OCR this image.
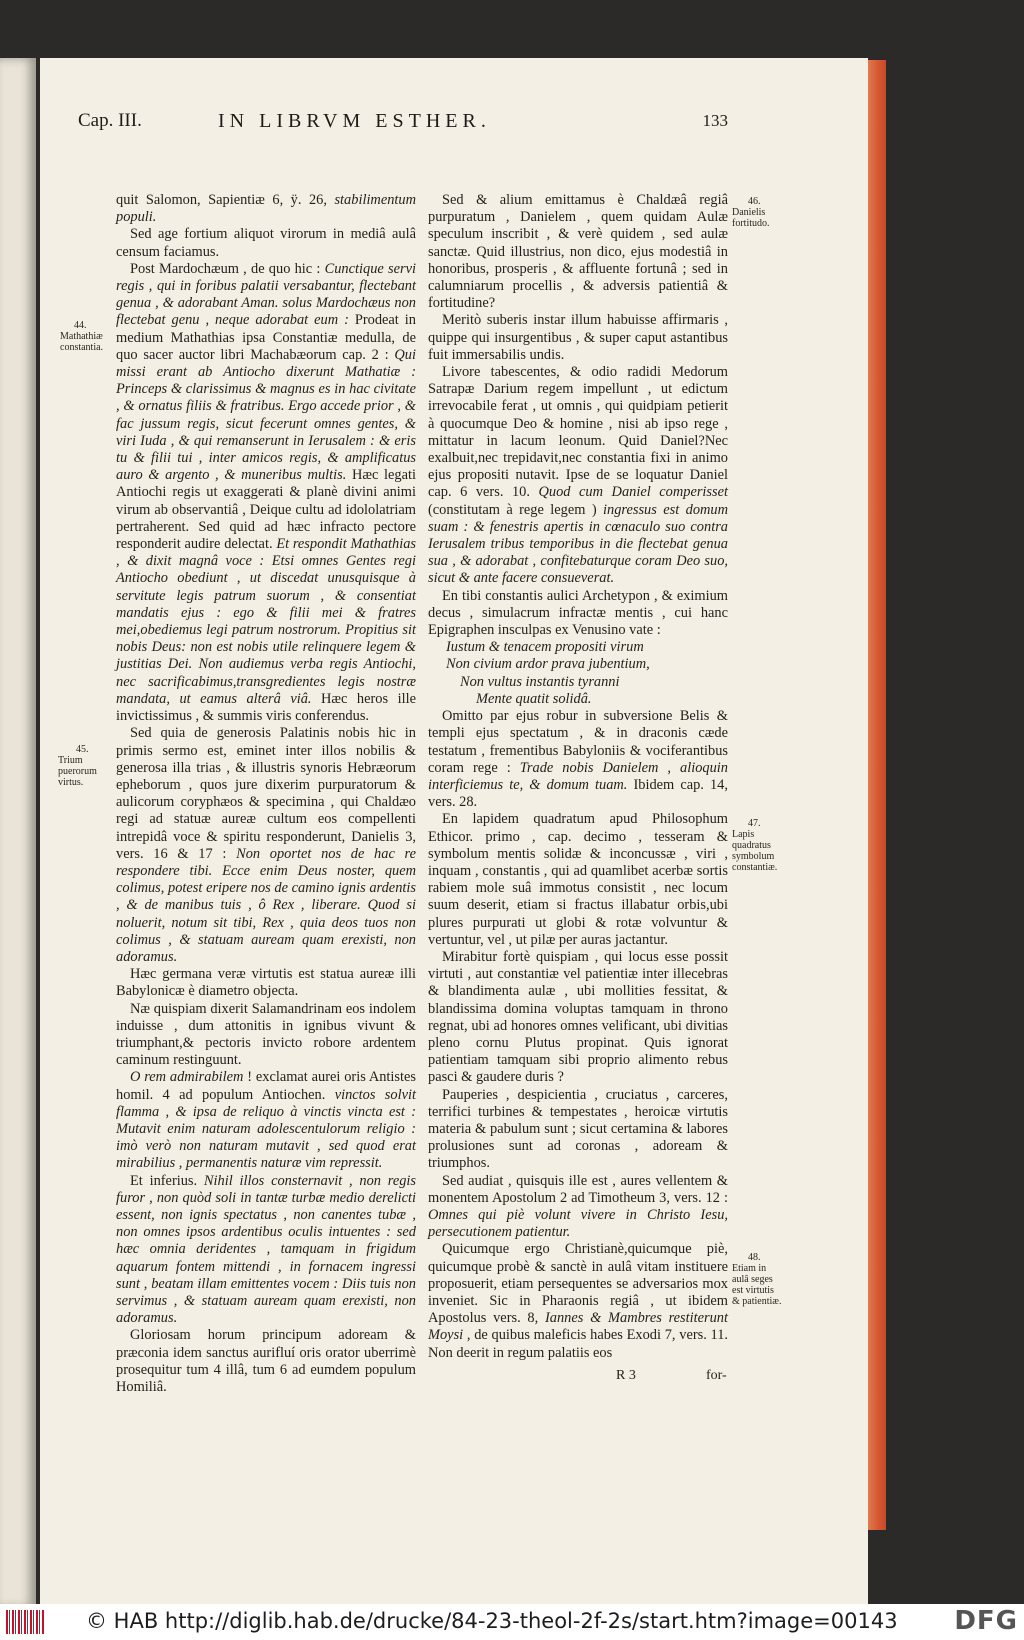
Cap. III.	IN LIBRVM ESTHER.	133

quit Salomon, Sapientiæ 6, ÿ. 26, stabilimentum populi.

Sed age fortium aliquot virorum in mediâ aulâ censum faciamus.

Post Mardochæum , de quo hic : Cunctique servi regis , qui in foribus palatii versabantur, flectebant genua , & adorabant Aman. solus Mardochæus non flectebat genu , neque adorabat eum : Prodeat in medium Mathathias ipsa Constantiæ medulla, de quo sacer auctor libri Machabæorum cap. 2 : Qui missi erant ab Antiocho dixerunt Mathatiæ : Princeps & clarissimus & magnus es in hac civitate , & ornatus filiis & fratribus. Ergo accede prior , & fac jussum regis, sicut fecerunt omnes gentes, & viri Iuda , & qui remanserunt in Ierusalem : & eris tu & filii tui , inter amicos regis, & amplificatus auro & argento , & muneribus multis. Hæc legati Antiochi regis ut exaggerati & planè divini animi virum ab observantiâ , Deique cultu ad idololatriam pertraherent. Sed quid ad hæc infracto pectore responderit audire delectat. Et respondit Mathathias , & dixit magnâ voce : Etsi omnes Gentes regi Antiocho obediunt , ut discedat unusquisque à servitute legis patrum suorum , & consentiat mandatis ejus : ego & filii mei & fratres mei,obediemus legi patrum nostrorum. Propitius sit nobis Deus: non est nobis utile relinquere legem & justitias Dei. Non audiemus verba regis Antiochi, nec sacrificabimus,transgredientes legis nostræ mandata, ut eamus alterâ viâ. Hæc heros ille invictissimus , & summis viris conferendus.

Sed quia de generosis Palatinis nobis hic in primis sermo est, eminet inter illos nobilis & generosa illa trias , & illustris synoris Hebræorum epheborum , quos jure dixerim purpuratorum & aulicorum coryphæos & specimina , qui Chaldæo regi ad statuæ aureæ cultum eos compellenti intrepidâ voce & spiritu responderunt, Danielis 3, vers. 16 & 17 : Non oportet nos de hac re respondere tibi. Ecce enim Deus noster, quem colimus, potest eripere nos de camino ignis ardentis , & de manibus tuis , ô Rex , liberare. Quod si noluerit, notum sit tibi, Rex , quia deos tuos non colimus , & statuam auream quam erexisti, non adoramus.

Hæc germana veræ virtutis est statua aureæ illi Babylonicæ è diametro objecta.

Næ quispiam dixerit Salamandrinam eos indolem induisse , dum attonitis in ignibus vivunt & triumphant,& pectoris invicto robore ardentem caminum restinguunt.

O rem admirabilem ! exclamat aurei oris Antistes homil. 4 ad populum Antiochen. vinctos solvit flamma , & ipsa de reliquo à vinctis vincta est : Mutavit enim naturam adolescentulorum religio : imò verò non naturam mutavit , sed quod erat mirabilius , permanentis naturæ vim repressit.

Et inferius. Nihil illos consternavit , non regis furor , non quòd soli in tantæ turbæ medio derelicti essent, non ignis spectatus , non canentes tubæ , non omnes ipsos ardentibus oculis intuentes : sed hæc omnia deridentes , tamquam in frigidum aquarum fontem mittendi , in fornacem ingressi sunt , beatam illam emittentes vocem : Diis tuis non servimus , & statuam auream quam erexisti, non adoramus.

Gloriosam horum principum adoream & præconia idem sanctus aurifluí oris orator uberrimè prosequitur tum 4 illâ, tum 6 ad eumdem populum Homiliâ.

Sed & alium emittamus è Chaldæâ regiâ purpuratum , Danielem , quem quidam Aulæ speculum inscribit , & verè quidem , sed aulæ sanctæ. Quid illustrius, non dico, ejus modestiâ in honoribus, prosperis , & affluente fortunâ ; sed in calumniarum procellis , & adversis patientiâ & fortitudine?

Meritò suberis instar illum habuisse affirmaris , quippe qui insurgentibus , & super caput astantibus fuit immersabilis undis.

Livore tabescentes, & odio radidi Medorum Satrapæ Darium regem impellunt , ut edictum irrevocabile ferat , ut omnis , qui quidpiam petierit à quocumque Deo & homine , nisi ab ipso rege , mittatur in lacum leonum. Quid Daniel?Nec exalbuit,nec trepidavit,nec constantia fixi in animo ejus propositi nutavit. Ipse de se loquatur Daniel cap. 6 vers. 10. Quod cum Daniel comperisset (constitutam à rege legem ) ingressus est domum suam : & fenestris apertis in cœnaculo suo contra Ierusalem tribus temporibus in die flectebat genua sua , & adorabat , confitebaturque coram Deo suo, sicut & ante facere consueverat.

En tibi constantis aulici Archetypon , & eximium decus , simulacrum infractæ mentis , cui hanc Epigraphen insculpas ex Venusino vate :

Iustum & tenacem propositi virum

Non civium ardor prava jubentium,

Non vultus instantis tyranni

Mente quatit solidâ.

Omitto par ejus robur in subversione Belis & templi ejus spectatum , & in draconis cæde testatum , frementibus Babyloniis & vociferantibus coram rege : Trade nobis Danielem , alioquin interficiemus te, & domum tuam. Ibidem cap. 14, vers. 28.

En lapidem quadratum apud Philosophum Ethicor. primo , cap. decimo , tesseram & symbolum mentis solidæ & inconcussæ , viri , inquam , constantis , qui ad quamlibet acerbæ sortis rabiem mole suâ immotus consistit , nec locum suum deserit, etiam si fractus illabatur orbis,ubi plures purpurati ut globi & rotæ volvuntur & vertuntur, vel , ut pilæ per auras jactantur.

Mirabitur fortè quispiam , qui locus esse possit virtuti , aut constantiæ vel patientiæ inter illecebras & blandimenta aulæ , ubi mollities fessitat, & blandissima domina voluptas tamquam in throno regnat, ubi ad honores omnes velificant, ubi divitias pleno cornu Plutus propinat. Quis ignorat patientiam tamquam sibi proprio alimento rebus pasci & gaudere duris ?

Pauperies , despicientia , cruciatus , carceres, terrifici turbines & tempestates , heroicæ virtutis materia & pabulum sunt ; sicut certamina & labores prolusiones sunt ad coronas , adoream & triumphos.

Sed audiat , quisquis ille est , aures vellentem & monentem Apostolum 2 ad Timotheum 3, vers. 12 : Omnes qui piè volunt vivere in Christo Iesu, persecutionem patientur.

Quicumque ergo Christianè,quicumque piè, quicumque probè & sanctè in aulâ vitam instituere proposuerit, etiam persequentes se adversarios mox inveniet. Sic in Pharaonis regiâ , ut ibidem Apostolus vers. 8, Iannes & Mambres restiterunt Moysi , de quibus maleficis habes Exodi 7, vers. 11. Non deerit in regum palatiis eos

44.
Mathathiæ constantia.
45.
Trium puerorum virtus.
46.
Danielis fortitudo.
47.
Lapis quadratus symbolum constantiæ.
48.
Etiam in aulâ seges est virtutis & patientiæ.
R 3	for-
© HAB http://diglib.hab.de/drucke/84-23-theol-2f-2s/start.htm?image=00143 DFG
